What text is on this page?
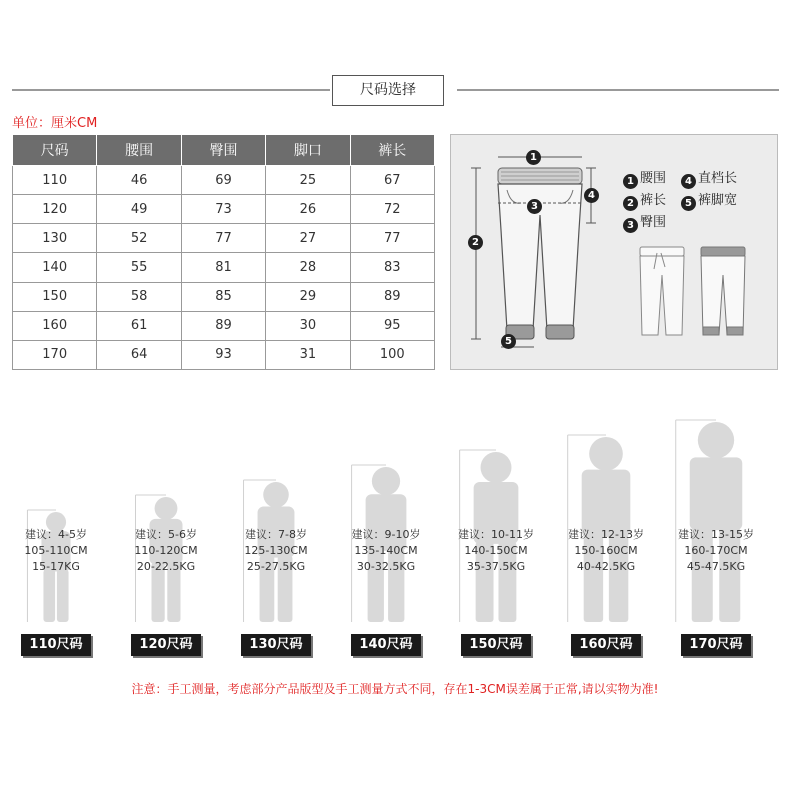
尺码选择
单位：厘米CM
尺码	腰围	臀围	脚口	裤长
110	46	69	25	67
120	49	73	26	72
130	52	77	27	77
140	55	81	28	83
150	58	85	29	89
160	61	89	30	95
170	64	93	31	100
1
2
3
4
5
1 腰围	4 直档长
2 裤长	5 裤脚宽
3 臀围
建议：4-5岁
105-110CM
15-17KG
110尺码
建议：5-6岁
110-120CM
20-22.5KG
120尺码
建议：7-8岁
125-130CM
25-27.5KG
130尺码
建议：9-10岁
135-140CM
30-32.5KG
140尺码
建议：10-11岁
140-150CM
35-37.5KG
150尺码
建议：12-13岁
150-160CM
40-42.5KG
160尺码
建议：13-15岁
160-170CM
45-47.5KG
170尺码
注意：手工测量，考虑部分产品版型及手工测量方式不同，存在1-3CM误差属于正常,请以实物为准!
